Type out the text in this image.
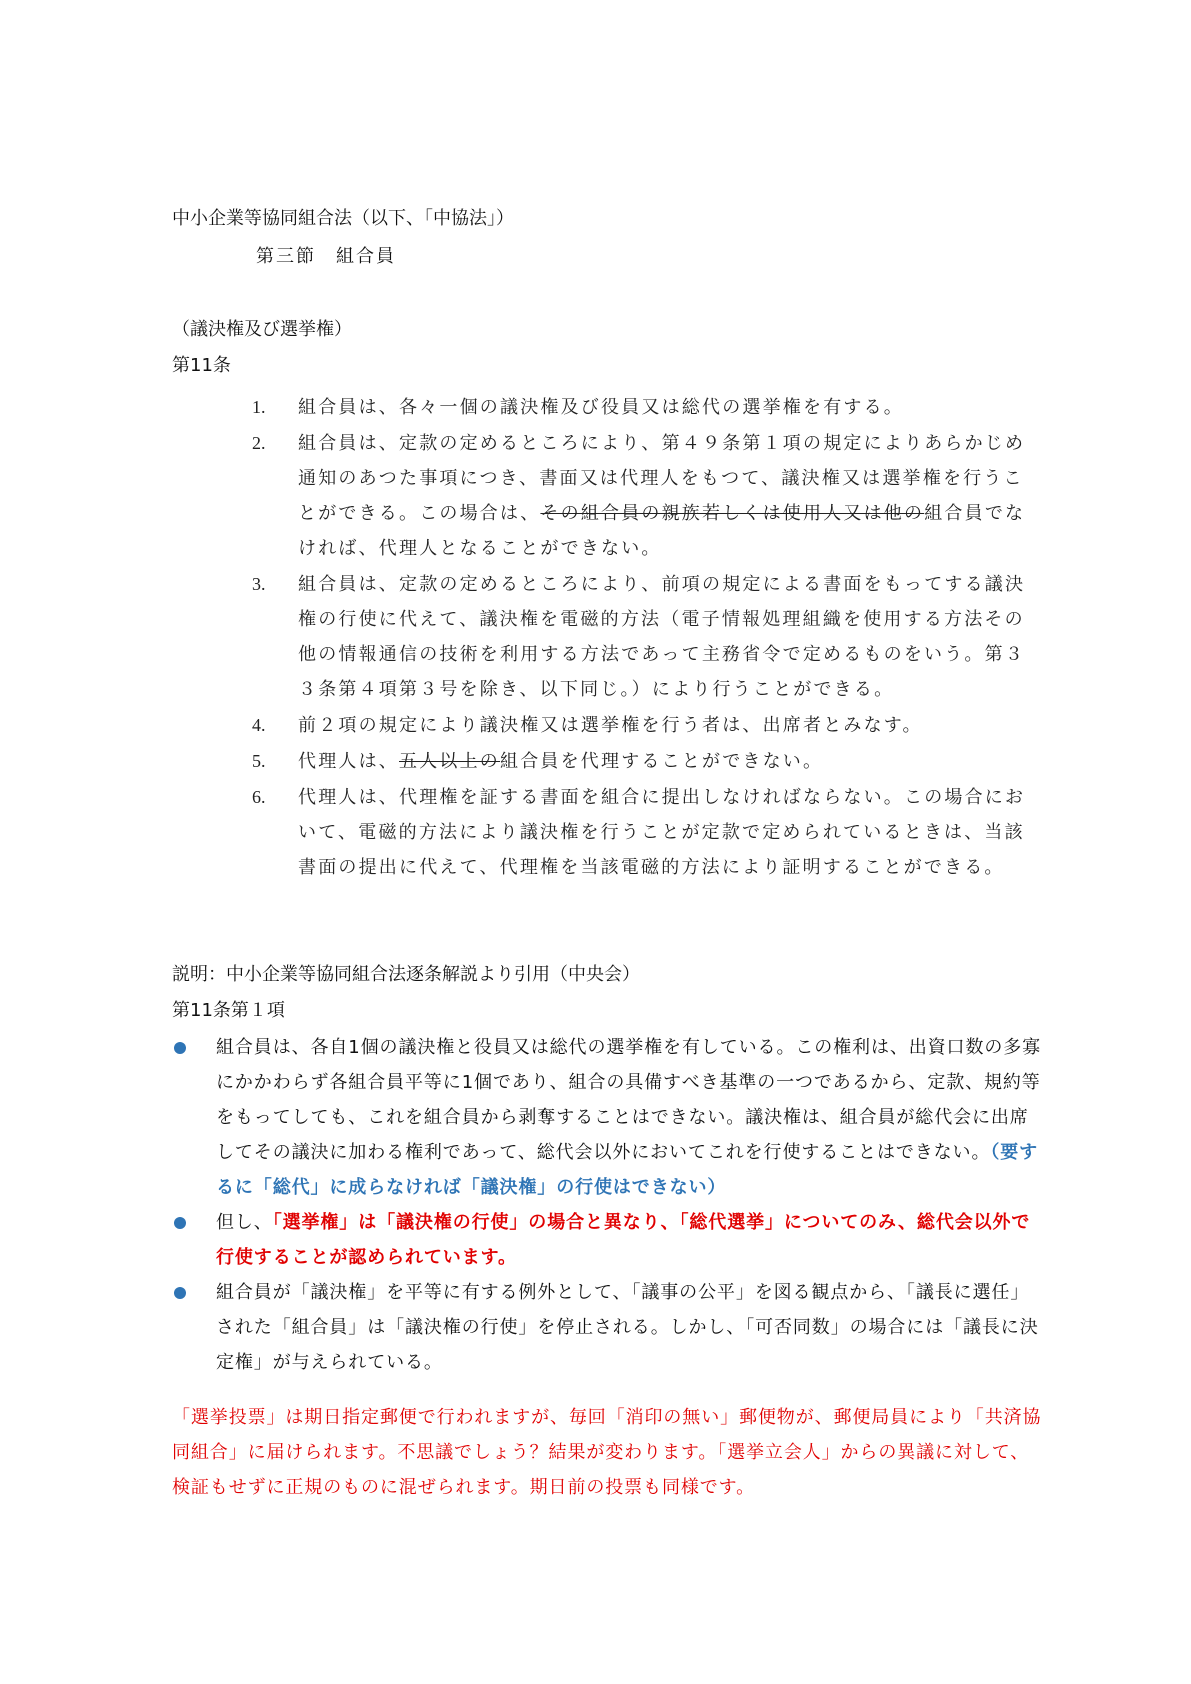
中小企業等協同組合法（以下、「中協法」）
第三節　組合員
（議決権及び選挙権）
第11条
1. 組合員は、各々一個の議決権及び役員又は総代の選挙権を有する。
2. 組合員は、定款の定めるところにより、第４９条第１項の規定によりあらかじめ通知のあつた事項につき、書面又は代理人をもつて、議決権又は選挙権を行うことができる。この場合は、その組合員の親族若しくは使用人又は他の組合員でなければ、代理人となることができない。
3. 組合員は、定款の定めるところにより、前項の規定による書面をもってする議決権の行使に代えて、議決権を電磁的方法（電子情報処理組織を使用する方法その他の情報通信の技術を利用する方法であって主務省令で定めるものをいう。第３３条第４項第３号を除き、以下同じ。）により行うことができる。
4. 前２項の規定により議決権又は選挙権を行う者は、出席者とみなす。
5. 代理人は、五人以上の組合員を代理することができない。
6. 代理人は、代理権を証する書面を組合に提出しなければならない。この場合において、電磁的方法により議決権を行うことが定款で定められているときは、当該書面の提出に代えて、代理権を当該電磁的方法により証明することができる。
説明：中小企業等協同組合法逐条解説より引用（中央会）
第11条第１項
組合員は、各自1個の議決権と役員又は総代の選挙権を有している。この権利は、出資口数の多寡にかかわらず各組合員平等に1個であり、組合の具備すべき基準の一つであるから、定款、規約等をもってしても、これを組合員から剥奪することはできない。議決権は、組合員が総代会に出席してその議決に加わる権利であって、総代会以外においてこれを行使することはできない。（要するに「総代」に成らなければ「議決権」の行使はできない）
但し、「選挙権」は「議決権の行使」の場合と異なり、「総代選挙」についてのみ、総代会以外で行使することが認められています。
組合員が「議決権」を平等に有する例外として、「議事の公平」を図る観点から、「議長に選任」された「組合員」は「議決権の行使」を停止される。しかし、「可否同数」の場合には「議長に決定権」が与えられている。
「選挙投票」は期日指定郵便で行われますが、毎回「消印の無い」郵便物が、郵便局員により「共済協同組合」に届けられます。不思議でしょう？結果が変わります。「選挙立会人」からの異議に対して、検証もせずに正規のものに混ぜられます。期日前の投票も同様です。
